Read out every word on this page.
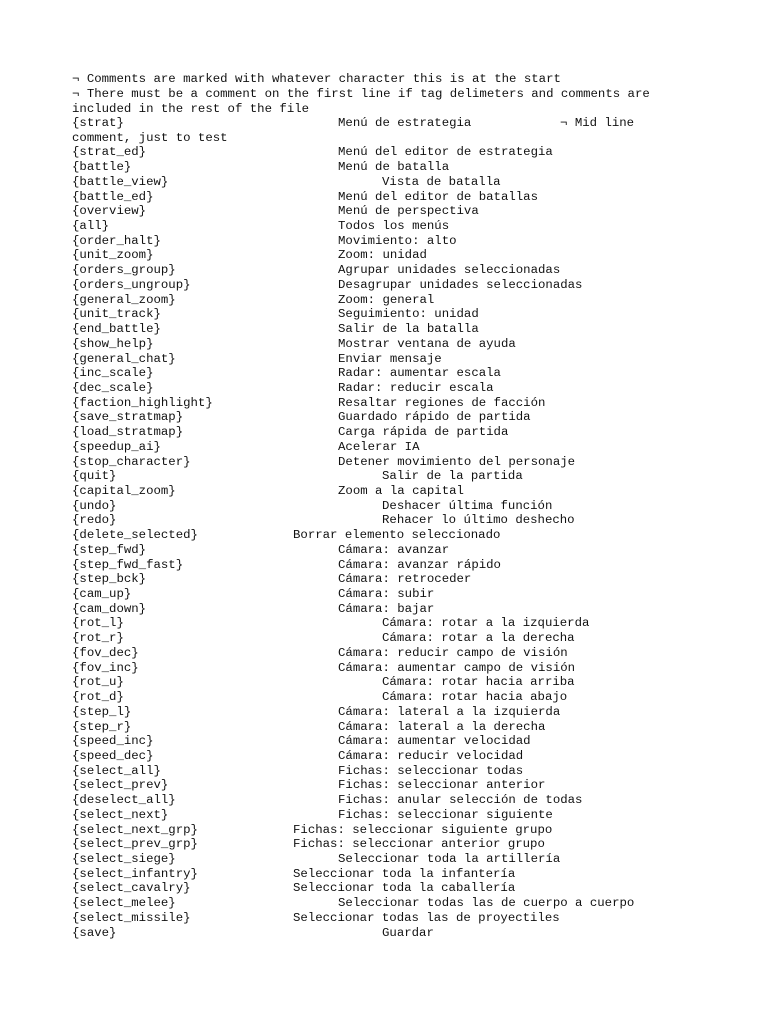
¬ Comments are marked with whatever character this is at the start
¬ There must be a comment on the first line if tag delimeters and comments are included in the rest of the file
{strat}	Menú de estrategia	¬ Mid line
comment, just to test
{strat_ed}	Menú del editor de estrategia
{battle}	Menú de batalla
{battle_view}	Vista de batalla
{battle_ed}	Menú del editor de batallas
{overview}	Menú de perspectiva
{all}	Todos los menús
{order_halt}	Movimiento: alto
{unit_zoom}	Zoom: unidad
{orders_group}	Agrupar unidades seleccionadas
{orders_ungroup}	Desagrupar unidades seleccionadas
{general_zoom}	Zoom: general
{unit_track}	Seguimiento: unidad
{end_battle}	Salir de la batalla
{show_help}	Mostrar ventana de ayuda
{general_chat}	Enviar mensaje
{inc_scale}	Radar: aumentar escala
{dec_scale}	Radar: reducir escala
{faction_highlight}	Resaltar regiones de facción
{save_stratmap}	Guardado rápido de partida
{load_stratmap}	Carga rápida de partida
{speedup_ai}	Acelerar IA
{stop_character}	Detener movimiento del personaje
{quit}	Salir de la partida
{capital_zoom}	Zoom a la capital
{undo}	Deshacer última función
{redo}	Rehacer lo último deshecho
{delete_selected}	Borrar elemento seleccionado
{step_fwd}	Cámara: avanzar
{step_fwd_fast}	Cámara: avanzar rápido
{step_bck}	Cámara: retroceder
{cam_up}	Cámara: subir
{cam_down}	Cámara: bajar
{rot_l}	Cámara: rotar a la izquierda
{rot_r}	Cámara: rotar a la derecha
{fov_dec}	Cámara: reducir campo de visión
{fov_inc}	Cámara: aumentar campo de visión
{rot_u}	Cámara: rotar hacia arriba
{rot_d}	Cámara: rotar hacia abajo
{step_l}	Cámara: lateral a la izquierda
{step_r}	Cámara: lateral a la derecha
{speed_inc}	Cámara: aumentar velocidad
{speed_dec}	Cámara: reducir velocidad
{select_all}	Fichas: seleccionar todas
{select_prev}	Fichas: seleccionar anterior
{deselect_all}	Fichas: anular selección de todas
{select_next}	Fichas: seleccionar siguiente
{select_next_grp}	Fichas: seleccionar siguiente grupo
{select_prev_grp}	Fichas: seleccionar anterior grupo
{select_siege}	Seleccionar toda la artillería
{select_infantry}	Seleccionar toda la infantería
{select_cavalry}	Seleccionar toda la caballería
{select_melee}	Seleccionar todas las de cuerpo a cuerpo
{select_missile}	Seleccionar todas las de proyectiles
{save}	Guardar
